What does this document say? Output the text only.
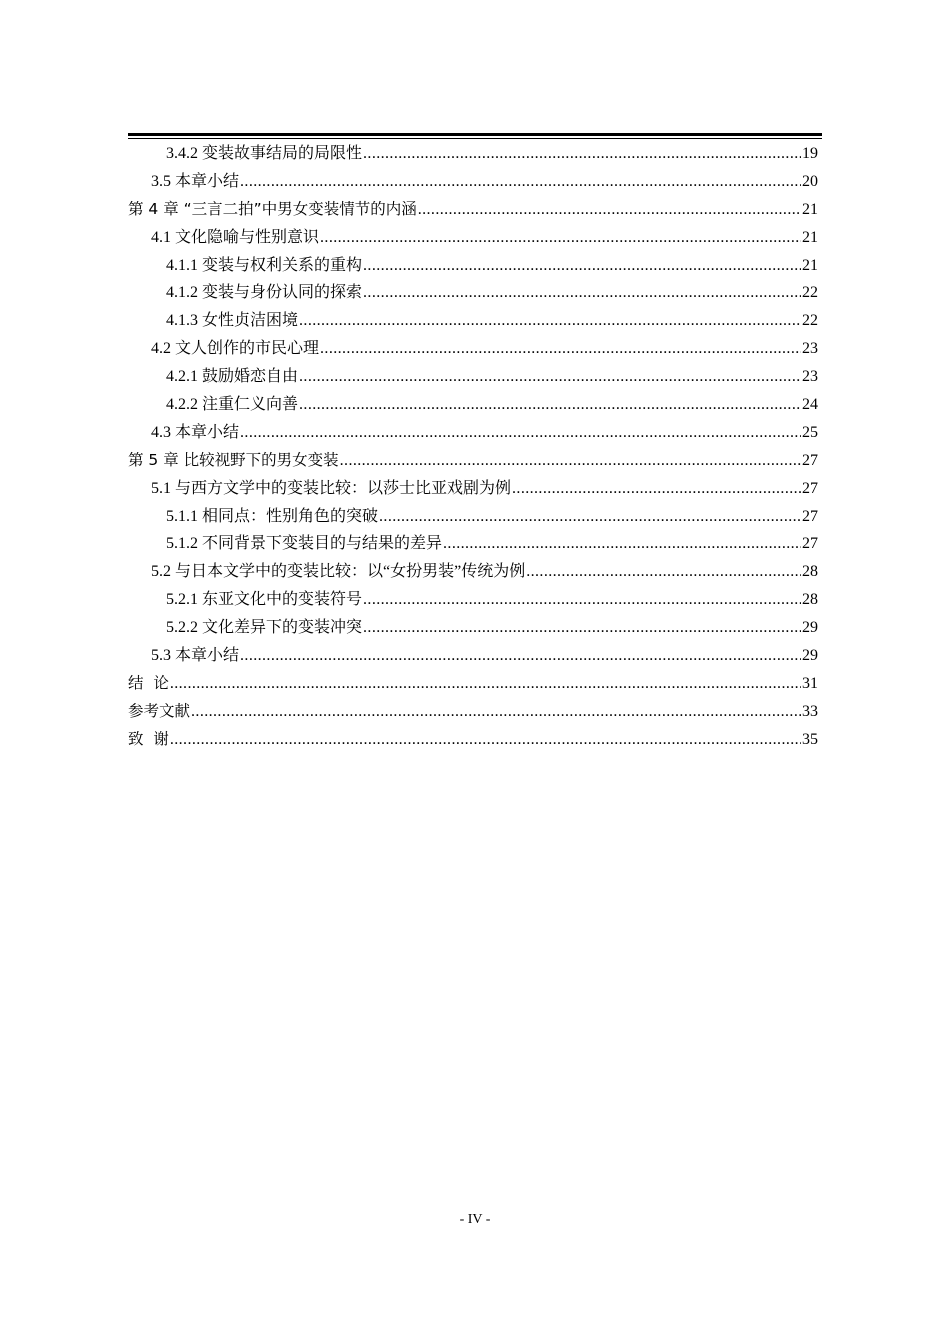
3.4.2 变装故事结局的局限性 .....	19
3.5 本章小结 .....	20
第 4 章 “三言二拍”中男女变装情节的内涵 .....	21
4.1 文化隐喻与性别意识 .....	21
4.1.1 变装与权利关系的重构 .....	21
4.1.2 变装与身份认同的探索 .....	22
4.1.3 女性贞洁困境 .....	22
4.2 文人创作的市民心理 .....	23
4.2.1 鼓励婚恋自由 .....	23
4.2.2 注重仁义向善 .....	24
4.3 本章小结 .....	25
第 5 章 比较视野下的男女变装 .....	27
5.1 与西方文学中的变装比较：以莎士比亚戏剧为例 .....	27
5.1.1 相同点：性别角色的突破 .....	27
5.1.2 不同背景下变装目的与结果的差异 .....	27
5.2 与日本文学中的变装比较：以“女扮男装”传统为例 .....	28
5.2.1 东亚文化中的变装符号 .....	28
5.2.2 文化差异下的变装冲突 .....	29
5.3 本章小结 .....	29
结  论 .....	31
参考文献 .....	33
致  谢 .....	35
- IV -
